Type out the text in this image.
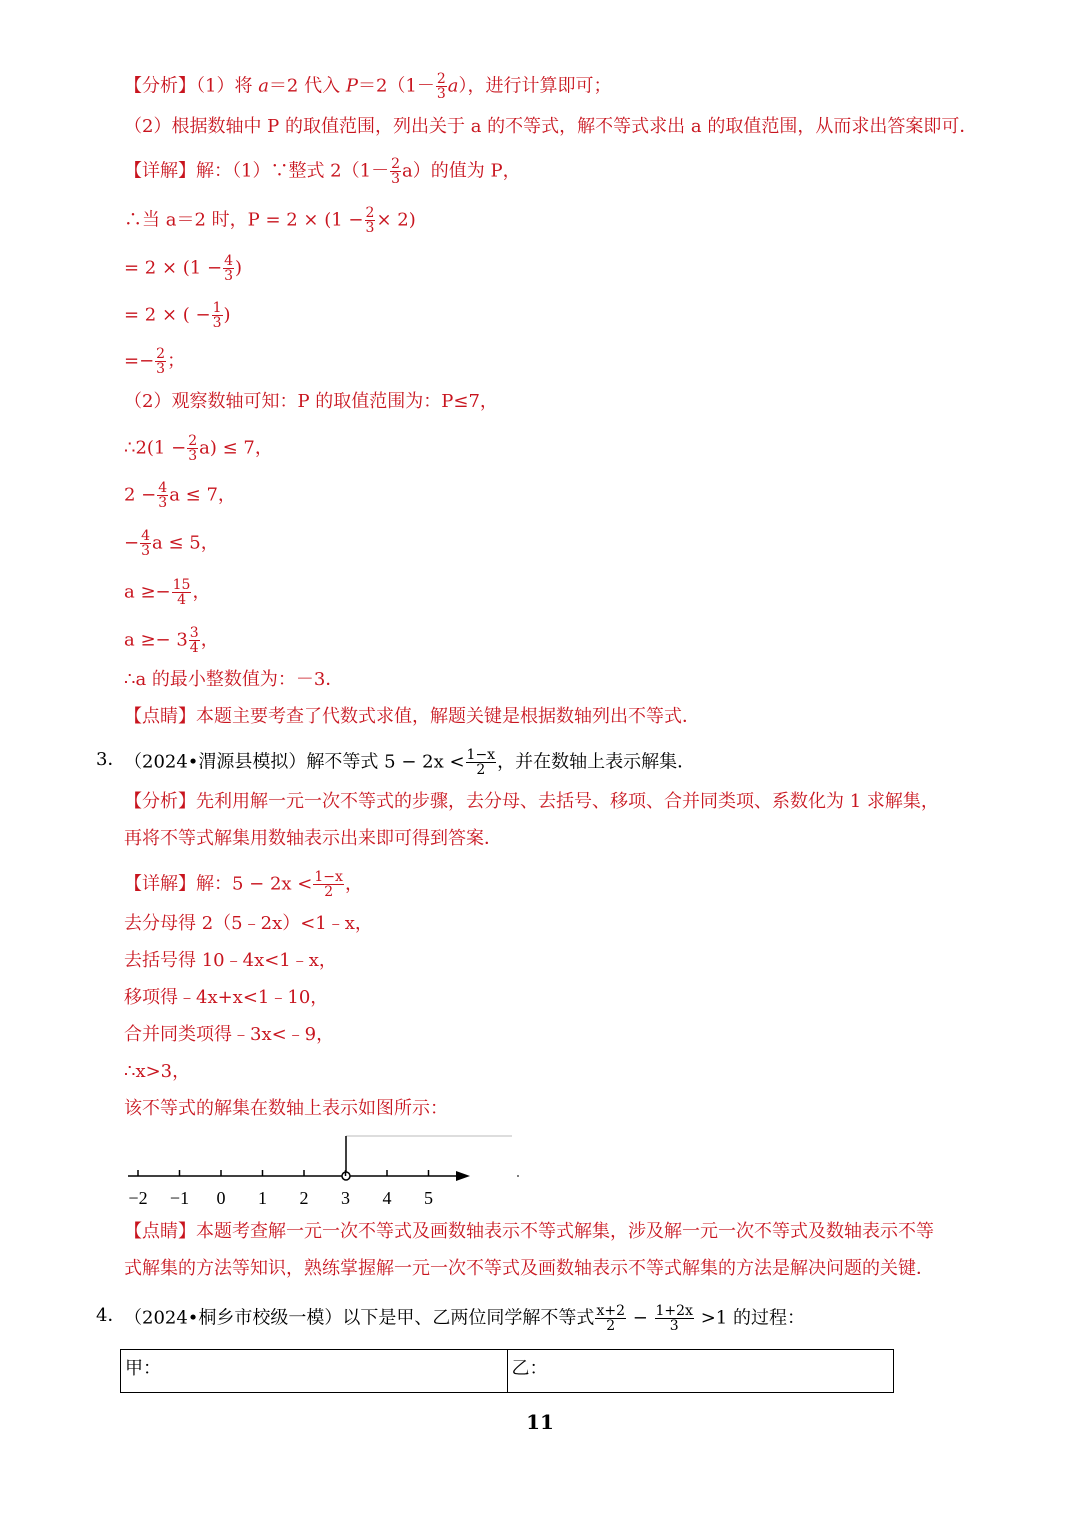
【分析】（1）将 a＝2 代入 $P=2(1- \frac{2}{3} a)$，进行计算即可；
（2）根据数轴中 P 的取值范围，列出关于 a 的不等式，解不等式求出 a 的取值范围，从而求出答案即可．
【详解】解：（1）∵整式 $2(1- \frac{2}{3} a)$的值为 P，
∴当 a＝2 时，$P = 2 \times (1 - \frac{2}{3} \times 2)$
= $2 \times (1 - \frac{4}{3}$ )
= 2 × ( − $\frac{1}{3}$ )
=− $\frac{2}{3}$ ；
（2）观察数轴可知：P 的取值范围为：P≤7，
∴2(1 − $\frac{2}{3} a) \le 7$，
$2 - \frac{4}{3}$ a ≤ 7，
− $\frac{4}{3}$ a ≤ 5，
$a \ge- \frac{15}{4}$ ，
$a \ge- 3 \frac{3}{4}$ ，
∴a 的最小整数值为：－3．
【点睛】本题主要考查了代数式求值，解题关键是根据数轴列出不等式．
3．
（2024•渭源县模拟）解不等式 $5 - 2x < \frac{1-x}{2}$ ，并在数轴上表示解集．
【分析】先利用解一元一次不等式的步骤，去分母、去括号、移项、合并同类项、系数化为 1 求解集，
再将不等式解集用数轴表示出来即可得到答案．
【详解】解：$5 - 2x < \frac{1-x}{2}$ ，
去分母得 2（5﹣2x）<1﹣x，
去括号得 10﹣4x<1﹣x，
移项得﹣4x+x<1﹣10，
合并同类项得﹣3x<﹣9，
∴x>3，
该不等式的解集在数轴上表示如图所示：
−2 −1 0 1 2 3 4 5
【点睛】本题考查解一元一次不等式及画数轴表示不等式解集，涉及解一元一次不等式及数轴表示不等
式解集的方法等知识，熟练掌握解一元一次不等式及画数轴表示不等式解集的方法是解决问题的关键．
4．
（2024•桐乡市校级一模）以下是甲、乙两位同学解不等式 $\frac{x+2}{2} - \frac{1+2x}{3} >1$ 的过程：
甲：	乙：
11
